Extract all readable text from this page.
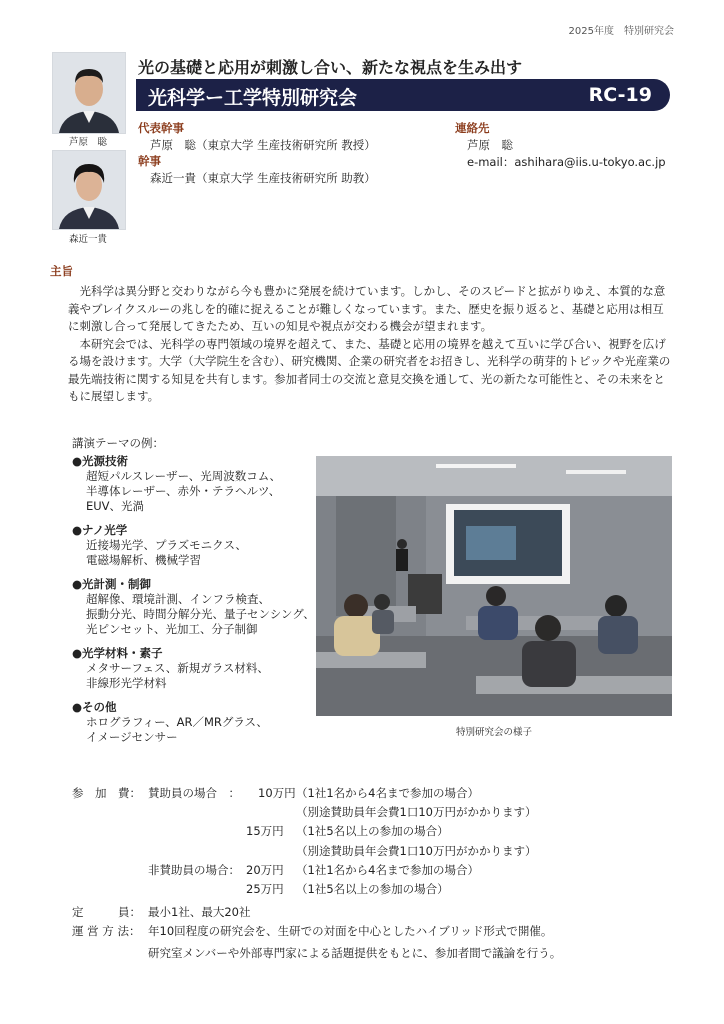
2025年度　特別研究会
芦原　聡
森近一貴
光の基礎と応用が刺激し合い、新たな視点を生み出す
光科学ー工学特別研究会	RC-19
代表幹事
芦原　聡（東京大学 生産技術研究所 教授）
幹事
森近一貴（東京大学 生産技術研究所 助教）
連絡先
芦原　聡
e-mail：ashihara@iis.u-tokyo.ac.jp
主旨

光科学は異分野と交わりながら今も豊かに発展を続けています。しかし、そのスピードと拡がりゆえ、本質的な意義やブレイクスルーの兆しを的確に捉えることが難しくなっています。また、歴史を振り返ると、基礎と応用は相互に刺激し合って発展してきたため、互いの知見や視点が交わる機会が望まれます。

本研究会では、光科学の専門領域の境界を超えて、また、基礎と応用の境界を越えて互いに学び合い、視野を広げる場を設けます。大学（大学院生を含む）、研究機関、企業の研究者をお招きし、光科学の萌芽的トピックや光産業の最先端技術に関する知見を共有します。参加者同士の交流と意見交換を通して、光の新たな可能性と、その未来をともに展望します。

講演テーマの例：
●光源技術
超短パルスレーザー、光周波数コム、
半導体レーザー、赤外・テラヘルツ、
EUV、光渦
●ナノ光学
近接場光学、プラズモニクス、
電磁場解析、機械学習
●光計測・制御
超解像、環境計測、インフラ検査、
振動分光、時間分解分光、量子センシング、
光ピンセット、光加工、分子制御
●光学材料・素子
メタサーフェス、新規ガラス材料、
非線形光学材料
●その他
ホログラフィー、AR／MRグラス、
イメージセンサー	特別研究会の様子
参　加　費： 賛助員の場合　： 10万円 （1社1名から4名まで参加の場合）
（別途賛助員年会費1口10万円がかかります）
15万円 （1社5名以上の参加の場合）
（別途賛助員年会費1口10万円がかかります）
非賛助員の場合： 20万円 （1社1名から4名まで参加の場合）
25万円 （1社5名以上の参加の場合）
定　　　員： 最小1社、最大20社
運 営 方 法： 年10回程度の研究会を、生研での対面を中心としたハイブリッド形式で開催。
研究室メンバーや外部専門家による話題提供をもとに、参加者間で議論を行う。
